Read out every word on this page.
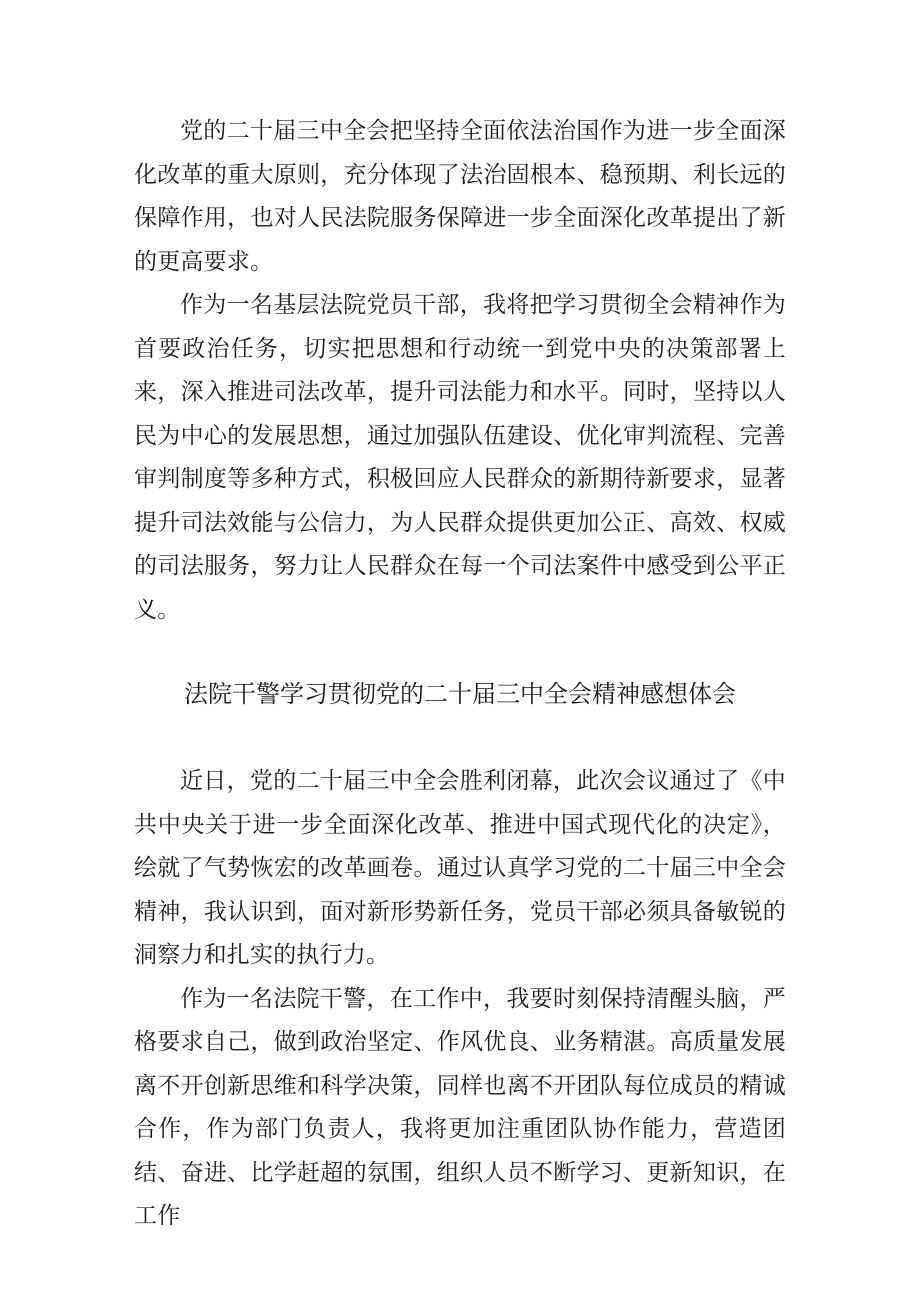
党的二十届三中全会把坚持全面依法治国作为进一步全面深化改革的重大原则，充分体现了法治固根本、稳预期、利长远的保障作用，也对人民法院服务保障进一步全面深化改革提出了新的更高要求。

作为一名基层法院党员干部，我将把学习贯彻全会精神作为首要政治任务，切实把思想和行动统一到党中央的决策部署上来，深入推进司法改革，提升司法能力和水平。同时，坚持以人民为中心的发展思想，通过加强队伍建设、优化审判流程、完善审判制度等多种方式，积极回应人民群众的新期待新要求，显著提升司法效能与公信力，为人民群众提供更加公正、高效、权威的司法服务，努力让人民群众在每一个司法案件中感受到公平正义。

法院干警学习贯彻党的二十届三中全会精神感想体会

近日，党的二十届三中全会胜利闭幕，此次会议通过了《中共中央关于进一步全面深化改革、推进中国式现代化的决定》，绘就了气势恢宏的改革画卷。通过认真学习党的二十届三中全会精神，我认识到，面对新形势新任务，党员干部必须具备敏锐的洞察力和扎实的执行力。

作为一名法院干警，在工作中，我要时刻保持清醒头脑，严格要求自己，做到政治坚定、作风优良、业务精湛。高质量发展离不开创新思维和科学决策，同样也离不开团队每位成员的精诚合作，作为部门负责人，我将更加注重团队协作能力，营造团结、奋进、比学赶超的氛围，组织人员不断学习、更新知识，在工作
